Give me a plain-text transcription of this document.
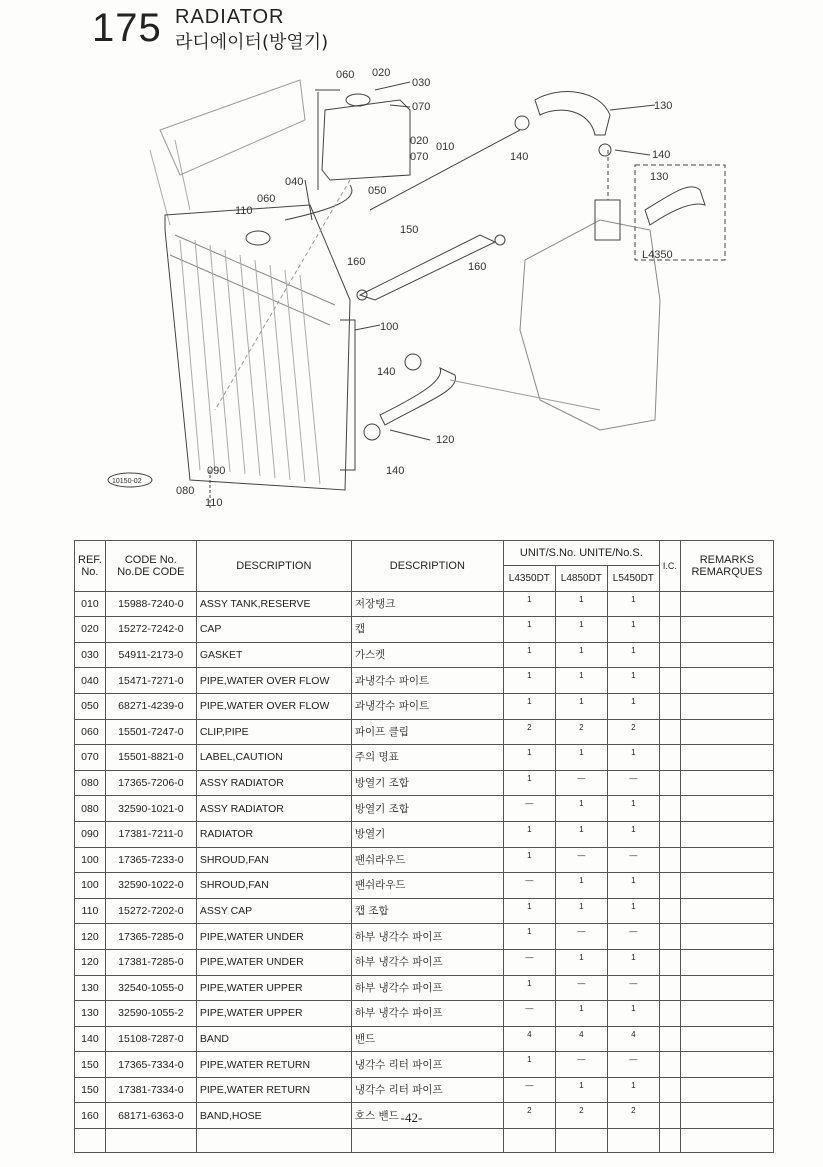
175 RADIATOR
라디에이터(방열기)
060 020
030
070
020 010
070
040
050
060
110
130
140	140
130
150
160	160
100
140
120
140
090
080
110
L4350
10150-02
REF. No.	CODE No. No.DE CODE	DESCRIPTION	DESCRIPTION	UNIT/S.No. UNITE/No.S.			I.C.	REMARKS REMARQUES
				L4350DT	L4850DT	L5450DT		
010	15988-7240-0	ASSY TANK,RESERVE	저장탱크	1	1	1		
020	15272-7242-0	CAP	캡	1	1	1		
030	54911-2173-0	GASKET	가스켓	1	1	1		
040	15471-7271-0	PIPE,WATER OVER FLOW	과냉각수 파이트	1	1	1		
050	68271-4239-0	PIPE,WATER OVER FLOW	과냉각수 파이트	1	1	1		
060	15501-7247-0	CLIP,PIPE	파이프 클립	2	2	2		
070	15501-8821-0	LABEL,CAUTION	주의 명표	1	1	1		
080	17365-7206-0	ASSY RADIATOR	방열기 조합	1	—	—		
080	32590-1021-0	ASSY RADIATOR	방열기 조합	—	1	1		
090	17381-7211-0	RADIATOR	방열기	1	1	1		
100	17365-7233-0	SHROUD,FAN	팬쉬라우드	1	—	—		
100	32590-1022-0	SHROUD,FAN	팬쉬라우드	—	1	1		
110	15272-7202-0	ASSY CAP	캡 조합	1	1	1		
120	17365-7285-0	PIPE,WATER UNDER	하부 냉각수 파이프	1	—	—		
120	17381-7285-0	PIPE,WATER UNDER	하부 냉각수 파이프	—	1	1		
130	32540-1055-0	PIPE,WATER UPPER	하부 냉각수 파이프	1	—	—		
130	32590-1055-2	PIPE,WATER UPPER	하부 냉각수 파이프	—	1	1		
140	15108-7287-0	BAND	밴드	4	4	4		
150	17365-7334-0	PIPE,WATER RETURN	냉각수 리터 파이프	1	—	—		
150	17381-7334-0	PIPE,WATER RETURN	냉각수 리터 파이프	—	1	1		
160	68171-6363-0	BAND,HOSE	호스 밴드	2	2	2		

-42-
